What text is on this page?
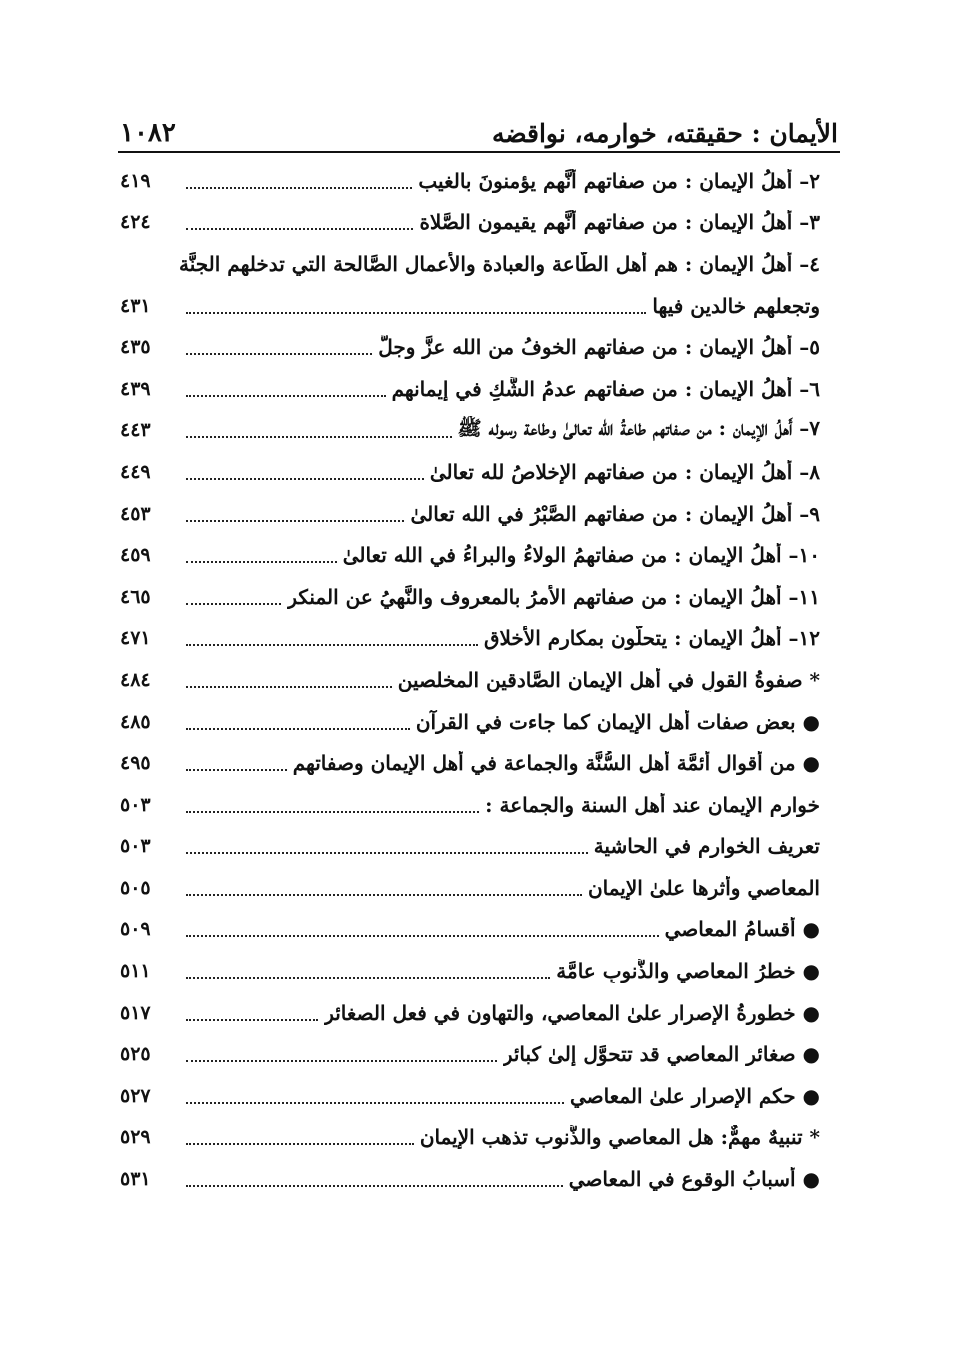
الأيمان : حقيقته، خوارمه، نواقضه
١٠٨٢
٤١٩	٢– أَهلُ الإيمانِ : من صفاتهم أنَّهم يؤمنونَ بالغيب
٤٢٤	٣– أَهلُ الإيمان : من صفاتهم أنَّهم يقيمون الصَّلاة
٤– أَهلُ الإيمان : هم أَهل الطَّاعة والعبادة والأعمال الصَّالحة التي تدخلهم الجنَّة
٤٣١	وتجعلهم خالدين فيها
٤٣٥	٥– أَهلُ الإيمان : من صفاتهم الخوفُ من الله عزَّ وجلَّ
٤٣٩	٦– أَهلُ الإيمان : من صفاتهم عدمُ الشَّكِ في إيمانهم
٤٤٣	٧– أَهلُ الإيمان : من صفاتهم طاعةُ الله تعالىٰ وطاعة رسوله ﷺ
٤٤٩	٨– أَهلُ الإيمان : من صفاتهم الإخلاصُ لله تعالىٰ
٤٥٣	٩– أَهلُ الإيمان : من صفاتهم الصَّبْرُ في الله تعالىٰ
٤٥٩	١٠– أَهلُ الإيمان : من صفاتهمُ الولاءُ والبراءُ في الله تعالىٰ
٤٦٥	١١– أَهلُ الإيمان : من صفاتهم الأمرُ بالمعروف والنَّهيُ عن المنكر
٤٧١	١٢– أَهلُ الإيمان : يتحلَّون بمكارم الأخلاق
٤٨٤	* صفوةُ القولِ في أَهل الإيمان الصَّادقين المخلصين
٤٨٥	● بعض صفات أَهل الإيمان كما جاءت في القرآن
٤٩٥	● من أقوال أئمَّة أَهل السُّنَّة والجماعة في أَهل الإيمان وصفاتهم
٥٠٣	خوارم الإيمان عند أهل السنة والجماعة :
٥٠٣	تعريف الخوارم في الحاشية
٥٠٥	المعاصي وأثرها علىٰ الإيمان
٥٠٩	● أقسامُ المعاصي
٥١١	● خطرُ المعاصي والذُّنوبِ عامَّة
٥١٧	● خطورةُ الإصرار علىٰ المعاصي، والتهاون في فعل الصغائر
٥٢٥	● صغائر المعاصي قد تتحوَّل إلىٰ كبائر
٥٢٧	● حكم الإصرار علىٰ المعاصي
٥٢٩	* تنبيهٌ مهمٌّ: هل المعاصي والذُّنوب تذهب الإيمان
٥٣١	● أسبابُ الوقوعِ في المعاصي
